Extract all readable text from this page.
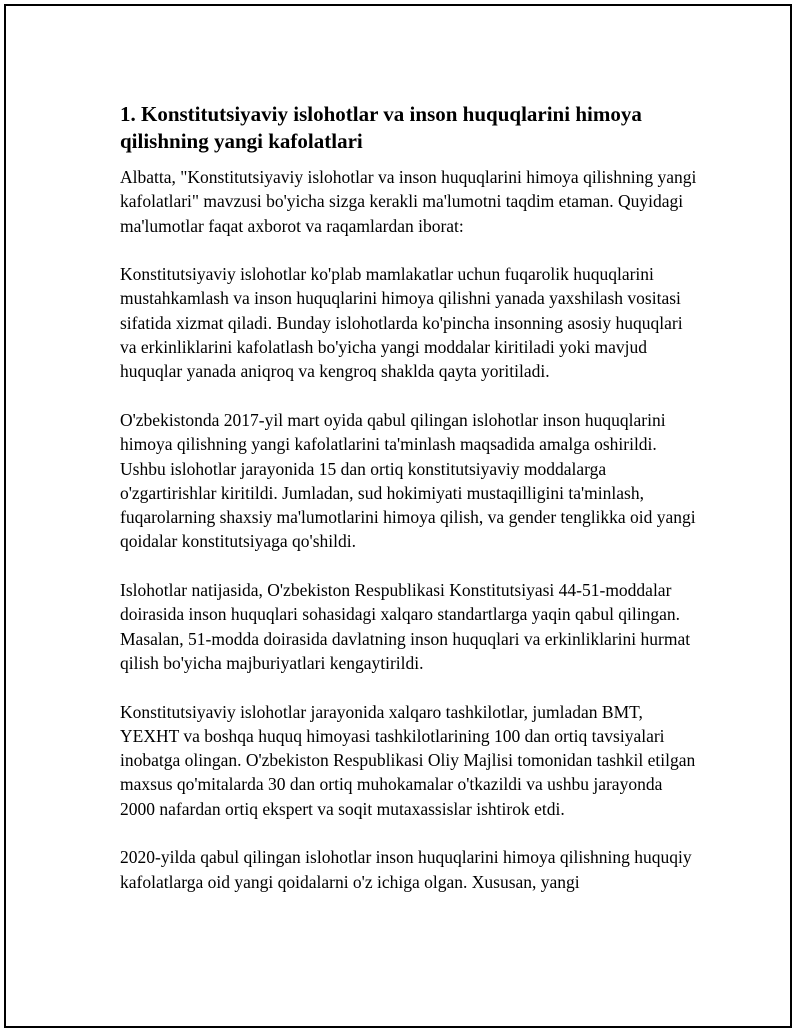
1. Konstitutsiyaviy islohotlar va inson huquqlarini himoya qilishning yangi kafolatlari

Albatta, "Konstitutsiyaviy islohotlar va inson huquqlarini himoya qilishning yangi kafolatlari" mavzusi bo'yicha sizga kerakli ma'lumotni taqdim etaman. Quyidagi ma'lumotlar faqat axborot va raqamlardan iborat:

Konstitutsiyaviy islohotlar ko'plab mamlakatlar uchun fuqarolik huquqlarini mustahkamlash va inson huquqlarini himoya qilishni yanada yaxshilash vositasi sifatida xizmat qiladi. Bunday islohotlarda ko'pincha insonning asosiy huquqlari va erkinliklarini kafolatlash bo'yicha yangi moddalar kiritiladi yoki mavjud huquqlar yanada aniqroq va kengroq shaklda qayta yoritiladi.

O'zbekistonda 2017-yil mart oyida qabul qilingan islohotlar inson huquqlarini himoya qilishning yangi kafolatlarini ta'minlash maqsadida amalga oshirildi. Ushbu islohotlar jarayonida 15 dan ortiq konstitutsiyaviy moddalarga o'zgartirishlar kiritildi. Jumladan, sud hokimiyati mustaqilligini ta'minlash, fuqarolarning shaxsiy ma'lumotlarini himoya qilish, va gender tenglikka oid yangi qoidalar konstitutsiyaga qo'shildi.

Islohotlar natijasida, O'zbekiston Respublikasi Konstitutsiyasi 44-51-moddalar doirasida inson huquqlari sohasidagi xalqaro standartlarga yaqin qabul qilingan. Masalan, 51-modda doirasida davlatning inson huquqlari va erkinliklarini hurmat qilish bo'yicha majburiyatlari kengaytirildi.

Konstitutsiyaviy islohotlar jarayonida xalqaro tashkilotlar, jumladan BMT, YEXHT va boshqa huquq himoyasi tashkilotlarining 100 dan ortiq tavsiyalari inobatga olingan. O'zbekiston Respublikasi Oliy Majlisi tomonidan tashkil etilgan maxsus qo'mitalarda 30 dan ortiq muhokamalar o'tkazildi va ushbu jarayonda 2000 nafardan ortiq ekspert va soqit mutaxassislar ishtirok etdi.

2020-yilda qabul qilingan islohotlar inson huquqlarini himoya qilishning huquqiy kafolatlarga oid yangi qoidalarni o'z ichiga olgan. Xususan, yangi
